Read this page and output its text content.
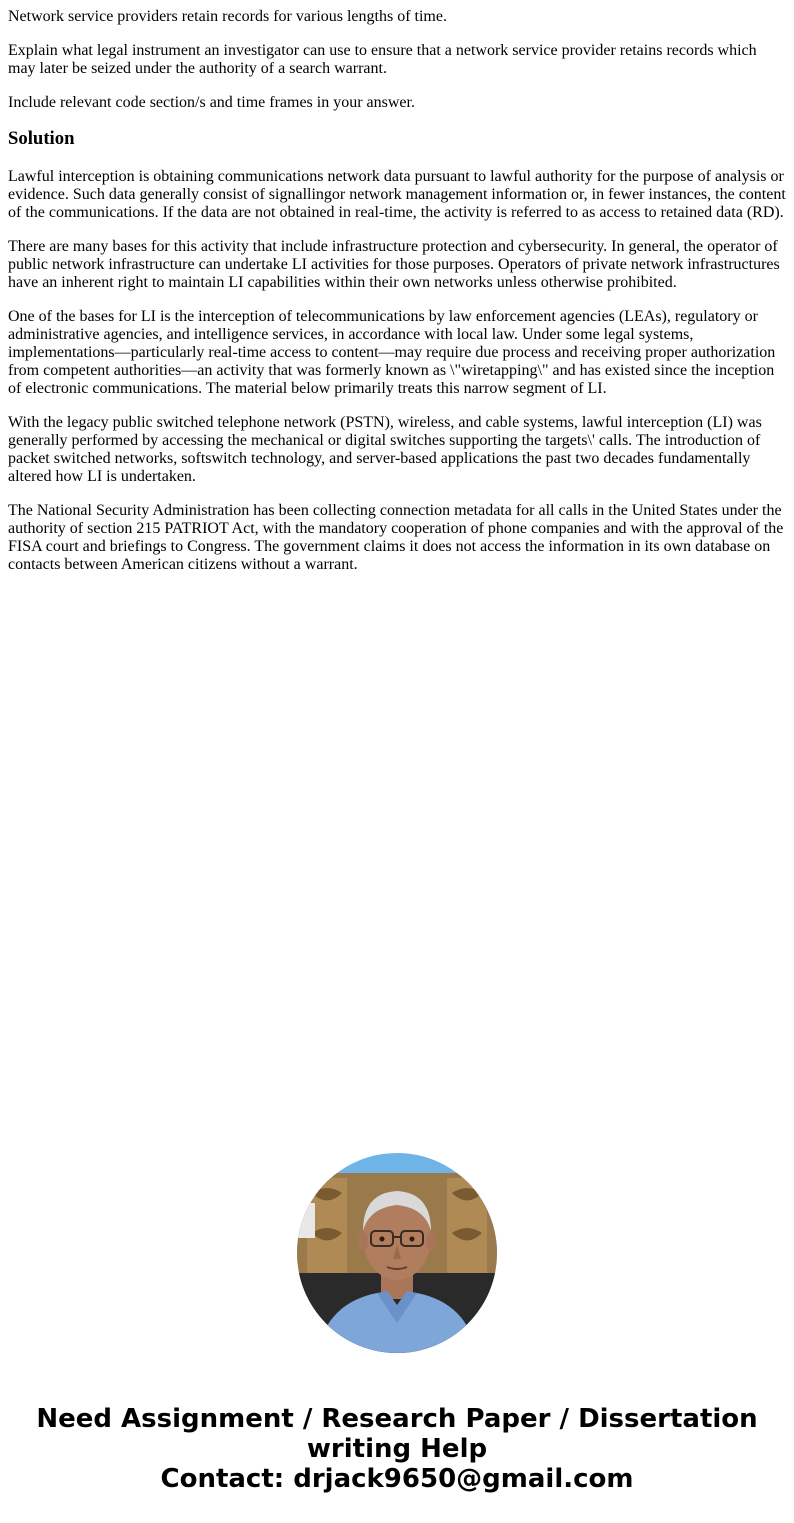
Network service providers retain records for various lengths of time.

Explain what legal instrument an investigator can use to ensure that a network service provider retains records which may later be seized under the authority of a search warrant.

Include relevant code section/s and time frames in your answer.

Solution

Lawful interception is obtaining communications network data pursuant to lawful authority for the purpose of analysis or evidence. Such data generally consist of signallingor network management information or, in fewer instances, the content of the communications. If the data are not obtained in real-time, the activity is referred to as access to retained data (RD).

There are many bases for this activity that include infrastructure protection and cybersecurity. In general, the operator of public network infrastructure can undertake LI activities for those purposes. Operators of private network infrastructures have an inherent right to maintain LI capabilities within their own networks unless otherwise prohibited.

One of the bases for LI is the interception of telecommunications by law enforcement agencies (LEAs), regulatory or administrative agencies, and intelligence services, in accordance with local law. Under some legal systems, implementations—particularly real-time access to content—may require due process and receiving proper authorization from competent authorities—an activity that was formerly known as \"wiretapping\" and has existed since the inception of electronic communications. The material below primarily treats this narrow segment of LI.

With the legacy public switched telephone network (PSTN), wireless, and cable systems, lawful interception (LI) was generally performed by accessing the mechanical or digital switches supporting the targets\' calls. The introduction of packet switched networks, softswitch technology, and server-based applications the past two decades fundamentally altered how LI is undertaken.

The National Security Administration has been collecting connection metadata for all calls in the United States under the authority of section 215 PATRIOT Act, with the mandatory cooperation of phone companies and with the approval of the FISA court and briefings to Congress. The government claims it does not access the information in its own database on contacts between American citizens without a warrant.

Need Assignment / Research Paper / Dissertation
writing Help
Contact: drjack9650@gmail.com
